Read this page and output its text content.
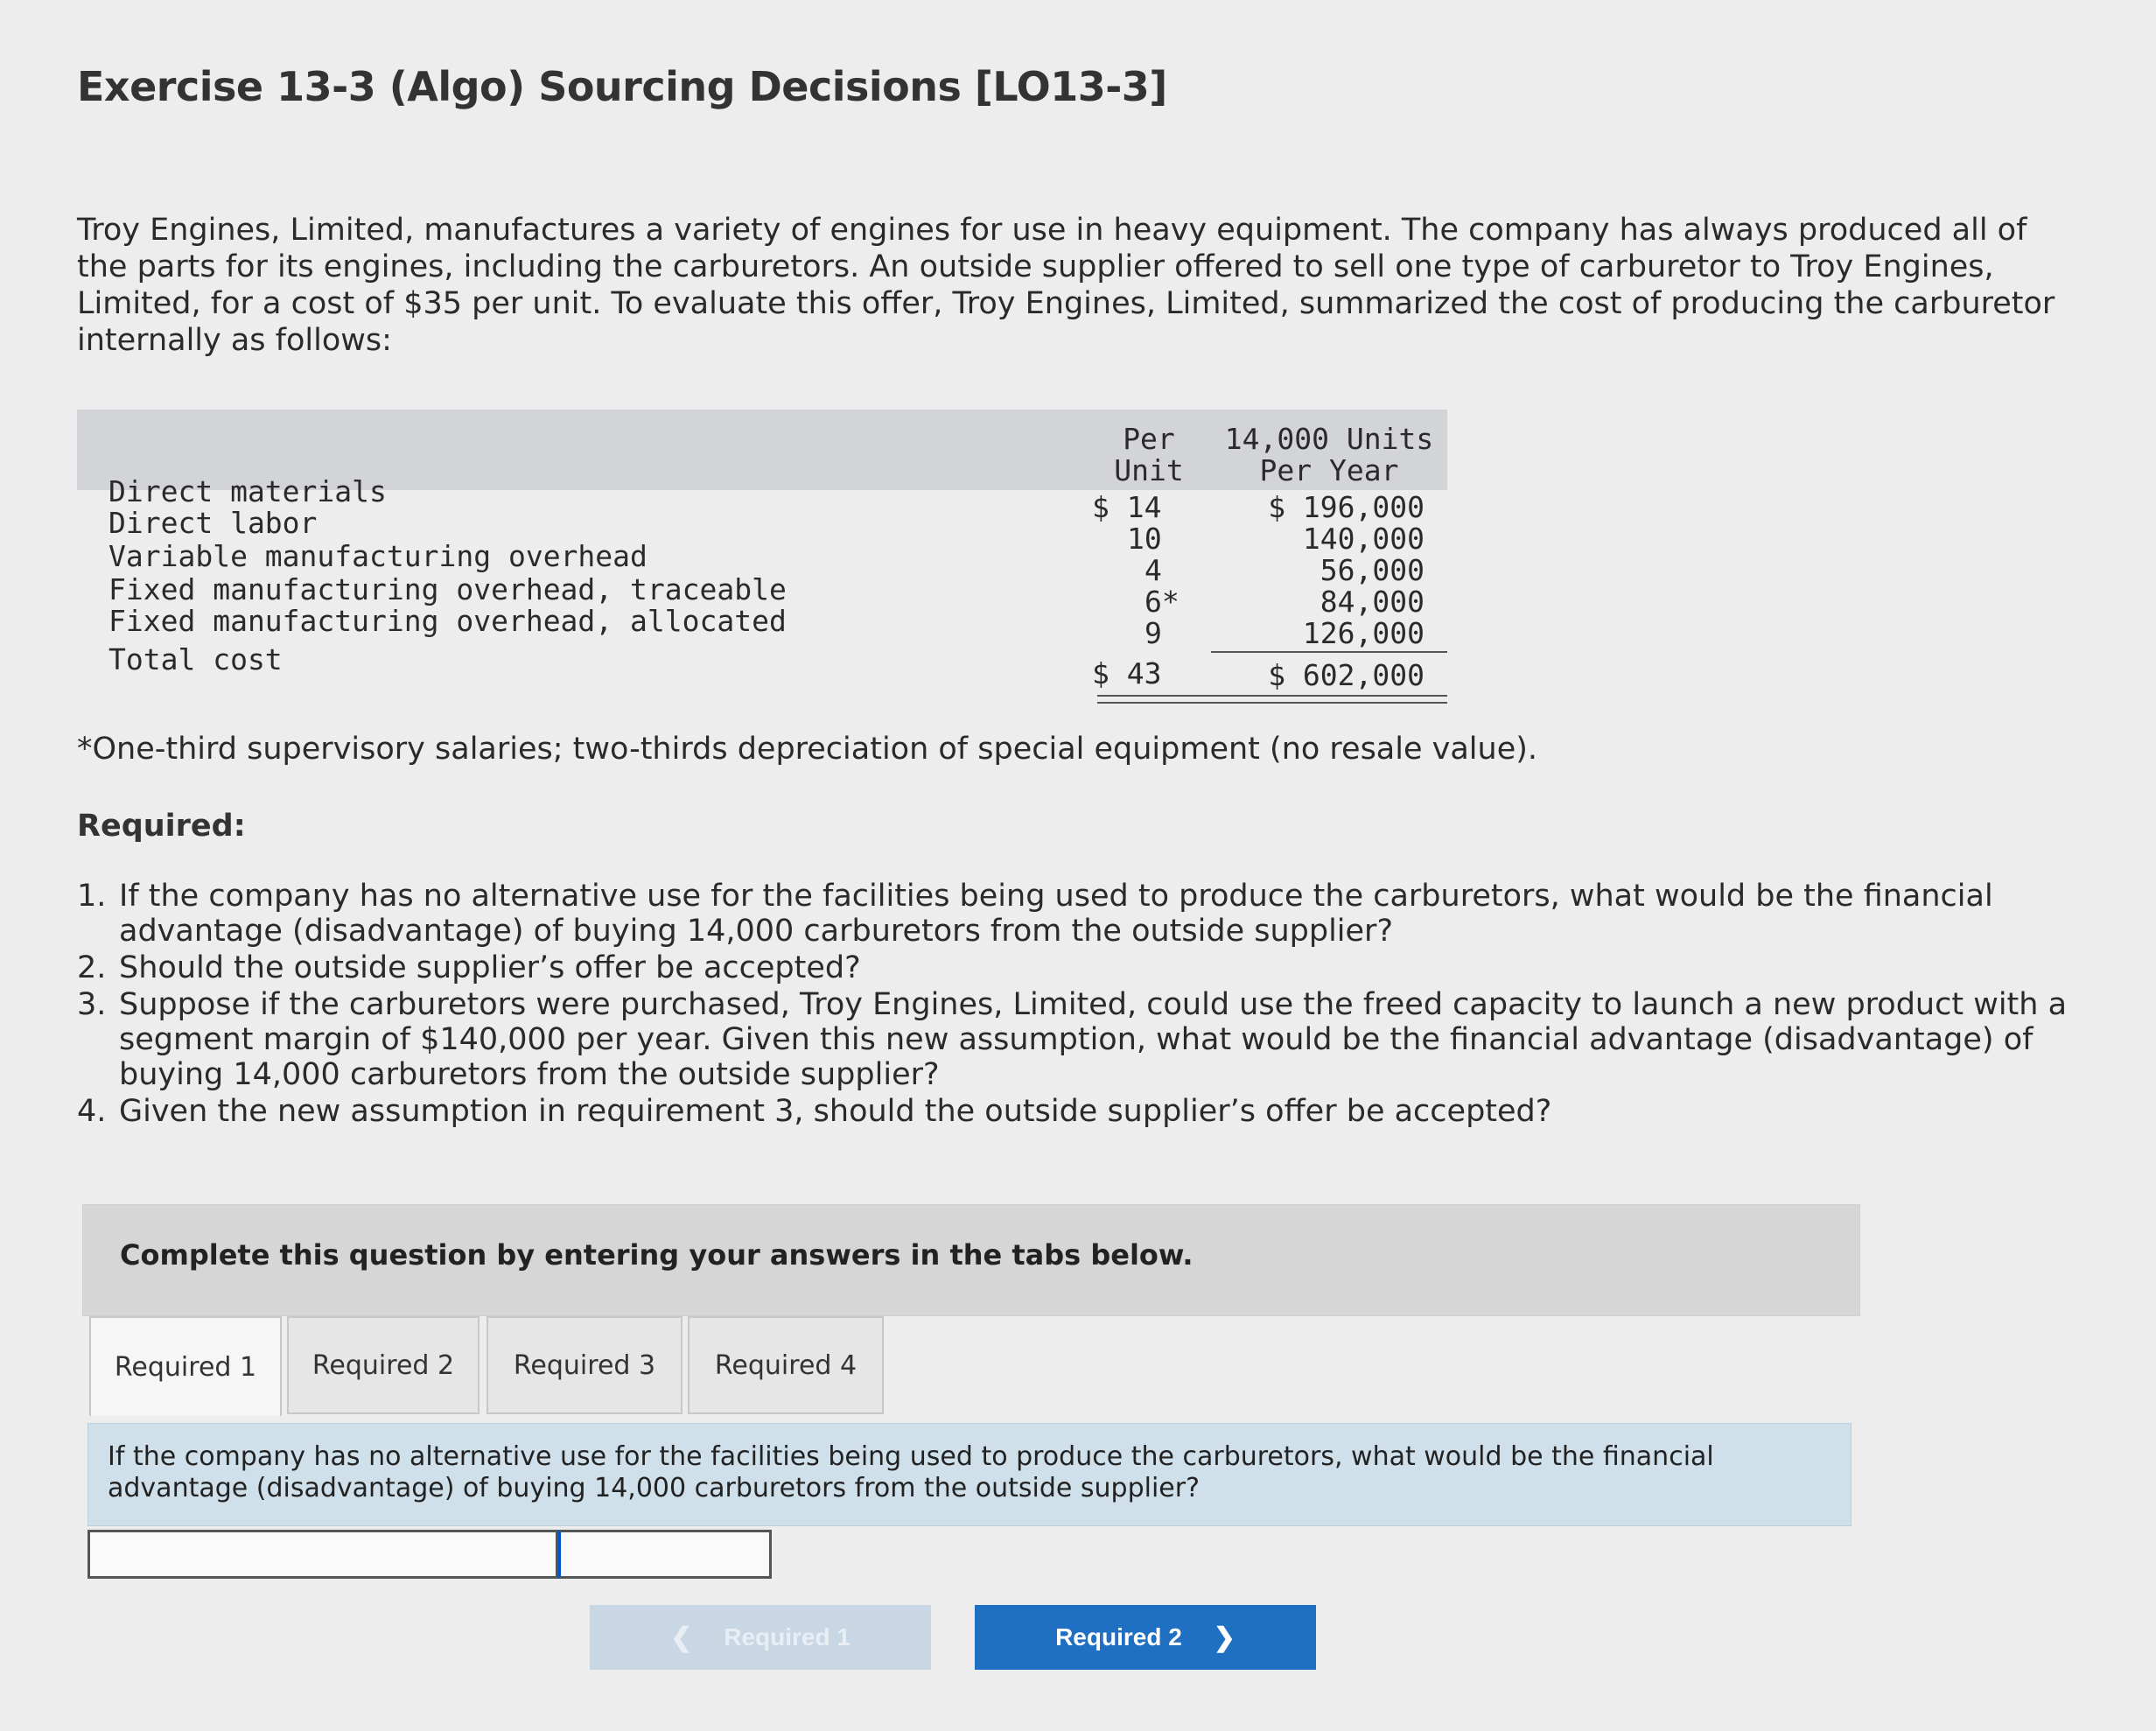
Exercise 13-3 (Algo) Sourcing Decisions [LO13-3]
Troy Engines, Limited, manufactures a variety of engines for use in heavy equipment. The company has always produced all of the parts for its engines, including the carburetors. An outside supplier offered to sell one type of carburetor to Troy Engines, Limited, for a cost of $35 per unit. To evaluate this offer, Troy Engines, Limited, summarized the cost of producing the carburetor internally as follows:
Per
Unit
14,000 Units
Per Year
Direct materials	$ 14	$ 196,000
Direct labor	10	140,000
Variable manufacturing overhead	4	56,000
Fixed manufacturing overhead, traceable	6*	84,000
Fixed manufacturing overhead, allocated	9	126,000
Total cost	$ 43	$ 602,000
*One-third supervisory salaries; two-thirds depreciation of special equipment (no resale value).
Required:
1. If the company has no alternative use for the facilities being used to produce the carburetors, what would be the financial advantage (disadvantage) of buying 14,000 carburetors from the outside supplier?
2. Should the outside supplier’s offer be accepted?
3. Suppose if the carburetors were purchased, Troy Engines, Limited, could use the freed capacity to launch a new product with a segment margin of $140,000 per year. Given this new assumption, what would be the financial advantage (disadvantage) of buying 14,000 carburetors from the outside supplier?
4. Given the new assumption in requirement 3, should the outside supplier’s offer be accepted?
Complete this question by entering your answers in the tabs below.
Required 1	Required 2	Required 3	Required 4
If the company has no alternative use for the facilities being used to produce the carburetors, what would be the financial advantage (disadvantage) of buying 14,000 carburetors from the outside supplier?
❮ Required 1	Required 2 ❯
